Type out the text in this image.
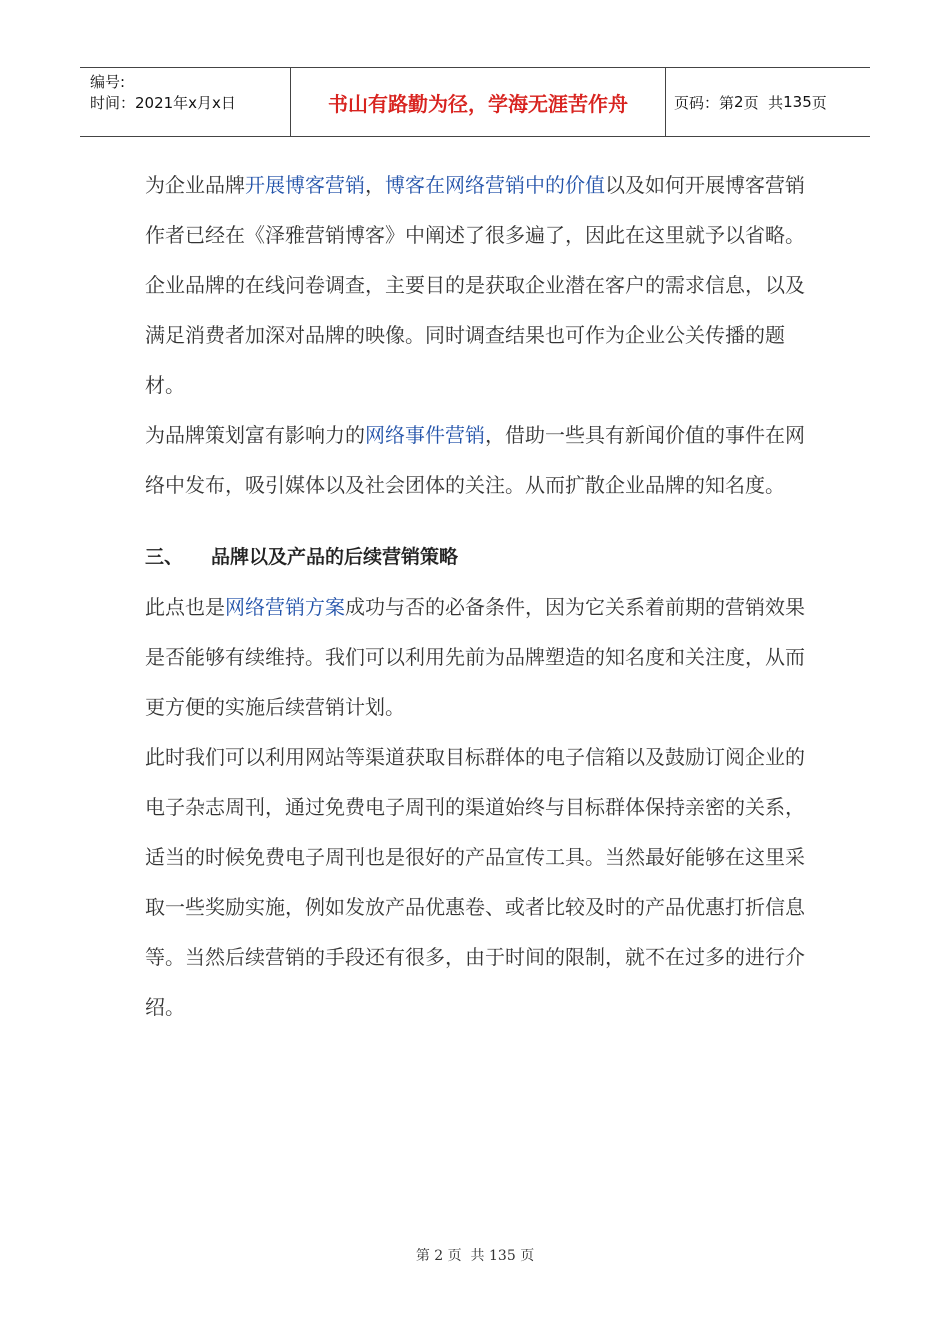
编号:
时间：2021年x月x日	书山有路勤为径，学海无涯苦作舟	页码：第 2 页  共 135 页

为企业品牌开展博客营销，博客在网络营销中的价值以及如何开展博客营销作者已经在《泽雅营销博客》中阐述了很多遍了，因此在这里就予以省略。

企业品牌的在线问卷调查，主要目的是获取企业潜在客户的需求信息，以及满足消费者加深对品牌的映像。同时调查结果也可作为企业公关传播的题材。

为品牌策划富有影响力的网络事件营销，借助一些具有新闻价值的事件在网络中发布，吸引媒体以及社会团体的关注。从而扩散企业品牌的知名度。

三、	品牌以及产品的后续营销策略

此点也是网络营销方案成功与否的必备条件，因为它关系着前期的营销效果是否能够有续维持。我们可以利用先前为品牌塑造的知名度和关注度，从而更方便的实施后续营销计划。

此时我们可以利用网站等渠道获取目标群体的电子信箱以及鼓励订阅企业的电子杂志周刊，通过免费电子周刊的渠道始终与目标群体保持亲密的关系，适当的时候免费电子周刊也是很好的产品宣传工具。当然最好能够在这里采取一些奖励实施，例如发放产品优惠卷、或者比较及时的产品优惠打折信息等。当然后续营销的手段还有很多，由于时间的限制，就不在过多的进行介绍。

第 2 页  共 135 页
